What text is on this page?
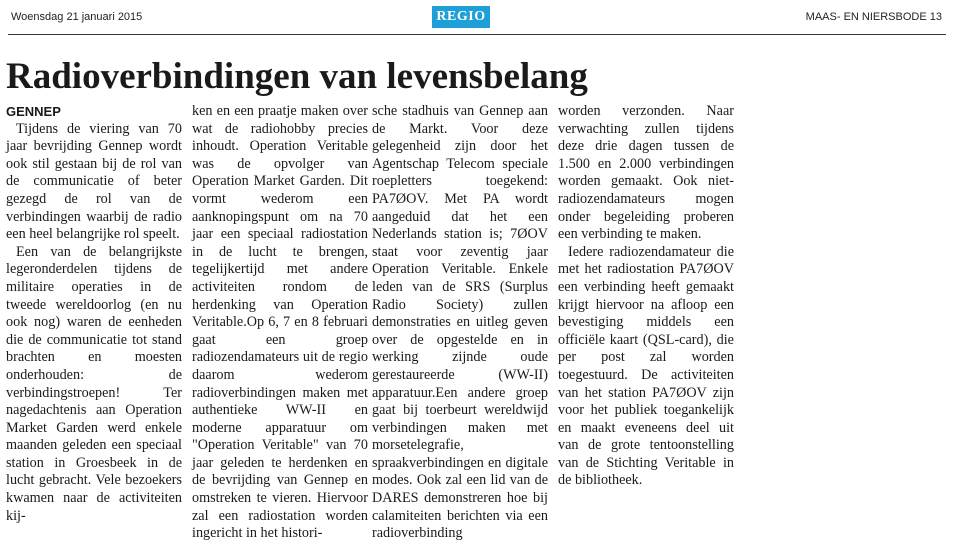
Woensdag 21 januari 2015	REGIO	MAAS- EN NIERSBODE 13
Radioverbindingen van levensbelang
GENNEP

Tijdens de viering van 70 jaar bevrijding Gennep wordt ook stil gestaan bij de rol van de communicatie of beter gezegd de rol van de verbindingen waarbij de radio een heel belangrijke rol speelt.

Een van de belangrijkste legeronderdelen tijdens de militaire operaties in de tweede wereldoorlog (en nu ook nog) waren de eenheden die de communicatie tot stand brachten en moesten onderhouden: de verbindingstroepen! Ter nagedachtenis aan Operation Market Garden werd enkele maanden geleden een speciaal station in Groesbeek in de lucht gebracht. Vele bezoekers kwamen naar de activiteiten kij-

ken en een praatje maken over wat de radiohobby precies inhoudt. Operation Veritable was de opvolger van Operation Market Garden. Dit vormt wederom een aanknopingspunt om na 70 jaar een speciaal radiostation in de lucht te brengen, tegelijkertijd met andere activiteiten rondom de herdenking van Operation Veritable.Op 6, 7 en 8 februari gaat een groep radiozendamateurs uit de regio daarom wederom radioverbindingen maken met authentieke WW-II en moderne apparatuur om "Operation Veritable" van 70 jaar geleden te herdenken en de bevrijding van Gennep en omstreken te vieren. Hiervoor zal een radiostation worden ingericht in het histori-

sche stadhuis van Gennep aan de Markt. Voor deze gelegenheid zijn door het Agentschap Telecom speciale roepletters toegekend: PA7ØOV. Met PA wordt aangeduid dat het een Nederlands station is; 7ØOV staat voor zeventig jaar Operation Veritable. Enkele leden van de SRS (Surplus Radio Society) zullen demonstraties en uitleg geven over de opgestelde en in werking zijnde oude gerestaureerde (WW-II) apparatuur.Een andere groep gaat bij toerbeurt wereldwijd verbindingen maken met morsetelegrafie, spraakverbindingen en digitale modes. Ook zal een lid van de DARES demonstreren hoe bij calamiteiten berichten via een radioverbinding

worden verzonden. Naar verwachting zullen tijdens deze drie dagen tussen de 1.500 en 2.000 verbindingen worden gemaakt. Ook niet-radiozendamateurs mogen onder begeleiding proberen een verbinding te maken.

Iedere radiozendamateur die met het radiostation PA7ØOV een verbinding heeft gemaakt krijgt hiervoor na afloop een bevestiging middels een officiële kaart (QSL-card), die per post zal worden toegestuurd. De activiteiten van het station PA7ØOV zijn voor het publiek toegankelijk en maakt eveneens deel uit van de grote tentoonstelling van de Stichting Veritable in de bibliotheek.
